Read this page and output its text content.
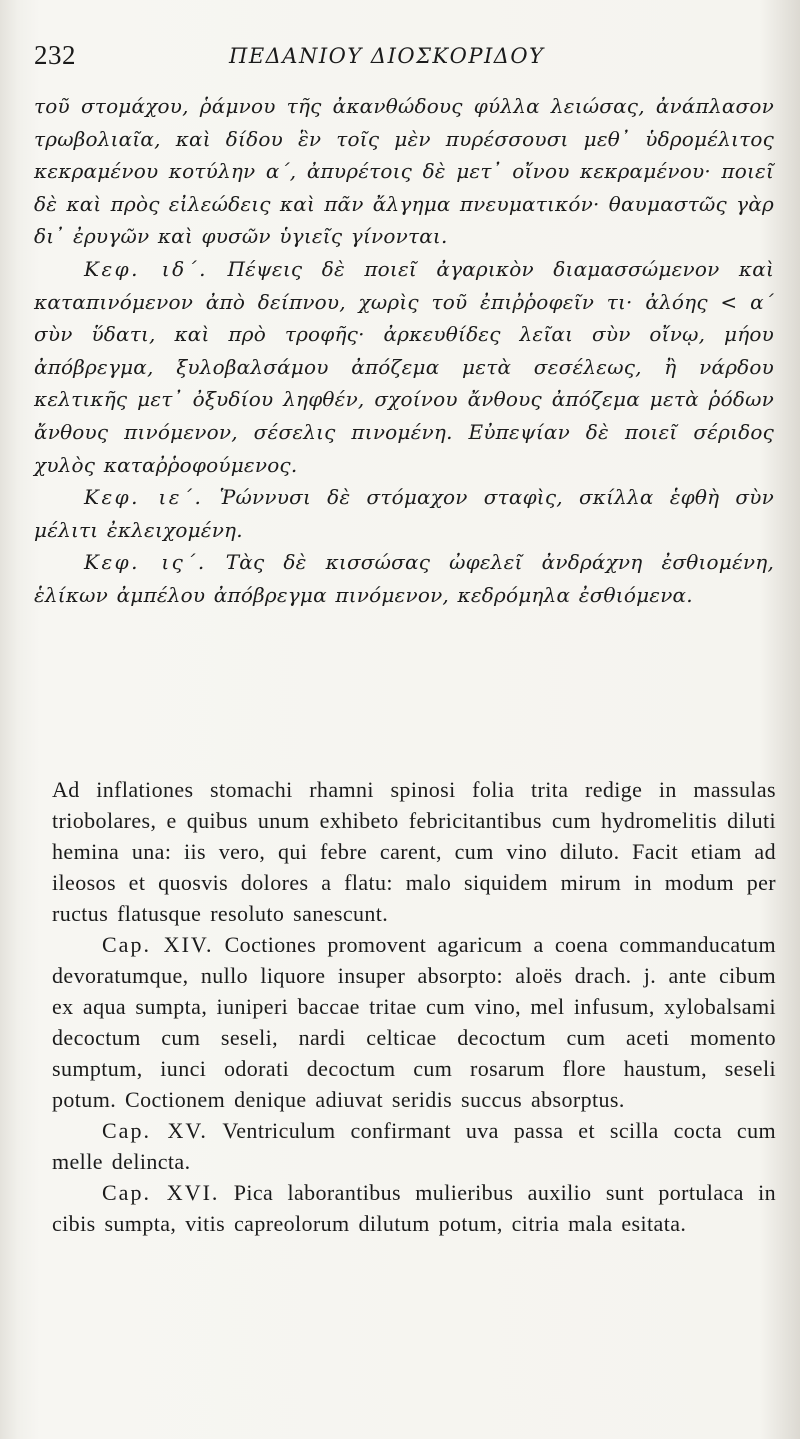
232	ΠΕΔΑΝΙΟΥ ΔΙΟΣΚΟΡΙΔΟΥ

τοῦ στομάχου, ῥάμνου τῆς ἀκανθώδους φύλλα λειώσας, ἀνάπλασον τρωβολιαῖα, καὶ δίδου ἓν τοῖς μὲν πυρέσσουσι μεθ᾽ ὑδρομέλιτος κεκραμένου κοτύλην α΄, ἀπυρέτοις δὲ μετ᾽ οἴνου κεκραμένου· ποιεῖ δὲ καὶ πρὸς εἰλεώδεις καὶ πᾶν ἄλγημα πνευματικόν· θαυμαστῶς γὰρ δι᾽ ἐρυγῶν καὶ φυσῶν ὑγιεῖς γίνονται.

Κεφ. ιδ΄. Πέψεις δὲ ποιεῖ ἀγαρικὸν διαμασσώμενον καὶ καταπινόμενον ἀπὸ δείπνου, χωρὶς τοῦ ἐπιῤῥοφεῖν τι· ἀλόης < α΄ σὺν ὕδατι, καὶ πρὸ τροφῆς· ἀρκευθίδες λεῖαι σὺν οἴνῳ, μήου ἀπόβρεγμα, ξυλοβαλσάμου ἀπόζεμα μετὰ σεσέλεως, ἢ νάρδου κελτικῆς μετ᾽ ὀξυδίου ληφθέν, σχοίνου ἄνθους ἀπόζεμα μετὰ ῥόδων ἄνθους πινόμενον, σέσελις πινομένη. Εὐπεψίαν δὲ ποιεῖ σέριδος χυλὸς καταῤῥοφούμενος.

Κεφ. ιε΄. Ῥώννυσι δὲ στόμαχον σταφὶς, σκίλλα ἑφθὴ σὺν μέλιτι ἐκλειχομένη.

Κεφ. ις΄. Τὰς δὲ κισσώσας ὠφελεῖ ἀνδράχνη ἐσθιομένη, ἑλίκων ἀμπέλου ἀπόβρεγμα πινόμενον, κεδρόμηλα ἐσθιόμενα.

Ad inflationes stomachi rhamni spinosi folia trita redige in massulas triobolares, e quibus unum exhibeto febricitantibus cum hydromelitis diluti hemina una: iis vero, qui febre carent, cum vino diluto. Facit etiam ad ileosos et quosvis dolores a flatu: malo siquidem mirum in modum per ructus flatusque resoluto sanescunt.

Cap. XIV. Coctiones promovent agaricum a coena commanducatum devoratumque, nullo liquore insuper absorpto: aloës drach. j. ante cibum ex aqua sumpta, iuniperi baccae tritae cum vino, mel infusum, xylobalsami decoctum cum seseli, nardi celticae decoctum cum aceti momento sumptum, iunci odorati decoctum cum rosarum flore haustum, seseli potum. Coctionem denique adiuvat seridis succus absorptus.

Cap. XV. Ventriculum confirmant uva passa et scilla cocta cum melle delincta.

Cap. XVI. Pica laborantibus mulieribus auxilio sunt portulaca in cibis sumpta, vitis capreolorum dilutum potum, citria mala esitata.
